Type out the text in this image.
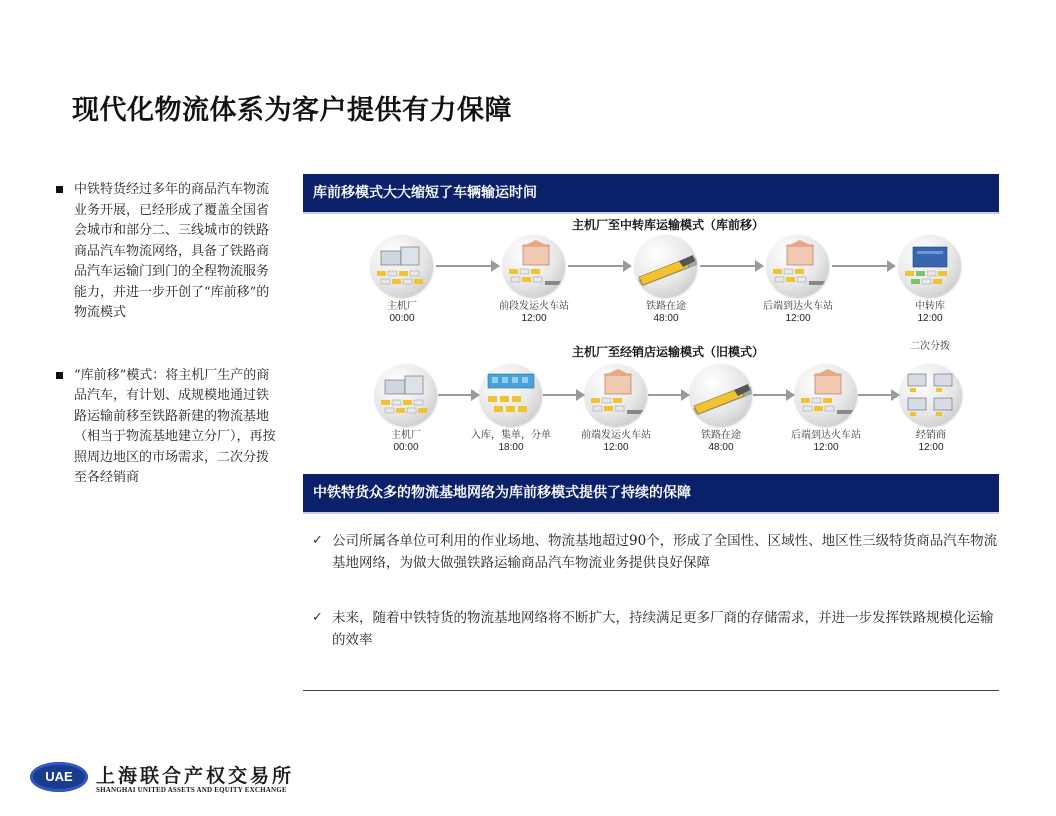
现代化物流体系为客户提供有力保障
中铁特货经过多年的商品汽车物流业务开展，已经形成了覆盖全国省会城市和部分二、三线城市的铁路商品汽车物流网络，具备了铁路商品汽车运输门到门的全程物流服务能力，并进一步开创了“库前移”的物流模式
“库前移”模式：将主机厂生产的商品汽车，有计划、成规模地通过铁路运输前移至铁路新建的物流基地（相当于物流基地建立分厂），再按照周边地区的市场需求，二次分拨至各经销商
库前移模式大大缩短了车辆输运时间
主机厂至中转库运输模式（库前移）
主机厂
00:00
前段发运火车站
12:00
铁路在途
48:00
后端到达火车站
12:00
中转库
12:00
二次分拨
主机厂至经销店运输模式（旧模式）
主机厂
00:00
入库，集单，分单
18:00
前端发运火车站
12:00
铁路在途
48:00
后端到达火车站
12:00
经销商
12:00
中铁特货众多的物流基地网络为库前移模式提供了持续的保障
✓ 公司所属各单位可利用的作业场地、物流基地超过90个，形成了全国性、区域性、地区性三级特货商品汽车物流基地网络，为做大做强铁路运输商品汽车物流业务提供良好保障
✓ 未来，随着中铁特货的物流基地网络将不断扩大，持续满足更多厂商的存储需求，并进一步发挥铁路规模化运输的效率
UAE	上海联合产权交易所
SHANGHAI UNITED ASSETS AND EQUITY EXCHANGE
